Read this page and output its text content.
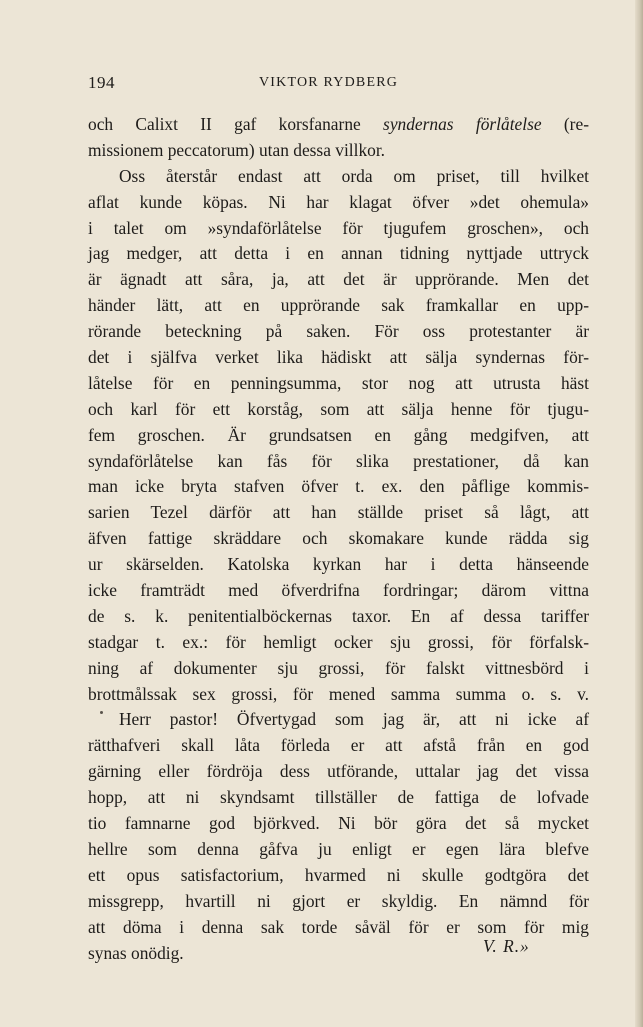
194	VIKTOR RYDBERG
och Calixt II gaf korsfanarne syndernas förlåtelse (re-
missionem peccatorum) utan dessa villkor.
Oss återstår endast att orda om priset, till hvilket
aflat kunde köpas. Ni har klagat öfver »det ohemula»
i talet om »syndaförlåtelse för tjugufem groschen», och
jag medger, att detta i en annan tidning nyttjade uttryck
är ägnadt att såra, ja, att det är upprörande. Men det
händer lätt, att en upprörande sak framkallar en upp-
rörande beteckning på saken. För oss protestanter är
det i själfva verket lika hädiskt att sälja syndernas för-
låtelse för en penningsumma, stor nog att utrusta häst
och karl för ett korståg, som att sälja henne för tjugu-
fem groschen. Är grundsatsen en gång medgifven, att
syndaförlåtelse kan fås för slika prestationer, då kan
man icke bryta stafven öfver t. ex. den påflige kommis-
sarien Tezel därför att han ställde priset så lågt, att
äfven fattige skräddare och skomakare kunde rädda sig
ur skärselden. Katolska kyrkan har i detta hänseende
icke framträdt med öfverdrifna fordringar; därom vittna
de s. k. penitentialböckernas taxor. En af dessa tariffer
stadgar t. ex.: för hemligt ocker sju grossi, för förfalsk-
ning af dokumenter sju grossi, för falskt vittnesbörd i
brottmålssak sex grossi, för mened samma summa o. s. v.
Herr pastor! Öfvertygad som jag är, att ni icke af
rätthafveri skall låta förleda er att afstå från en god
gärning eller fördröja dess utförande, uttalar jag det vissa
hopp, att ni skyndsamt tillställer de fattiga de lofvade
tio famnarne god björkved. Ni bör göra det så mycket
hellre som denna gåfva ju enligt er egen lära blefve
ett opus satisfactorium, hvarmed ni skulle godtgöra det
missgrepp, hvartill ni gjort er skyldig. En nämnd för
att döma i denna sak torde såväl för er som för mig
synas onödig.	V. R.»
